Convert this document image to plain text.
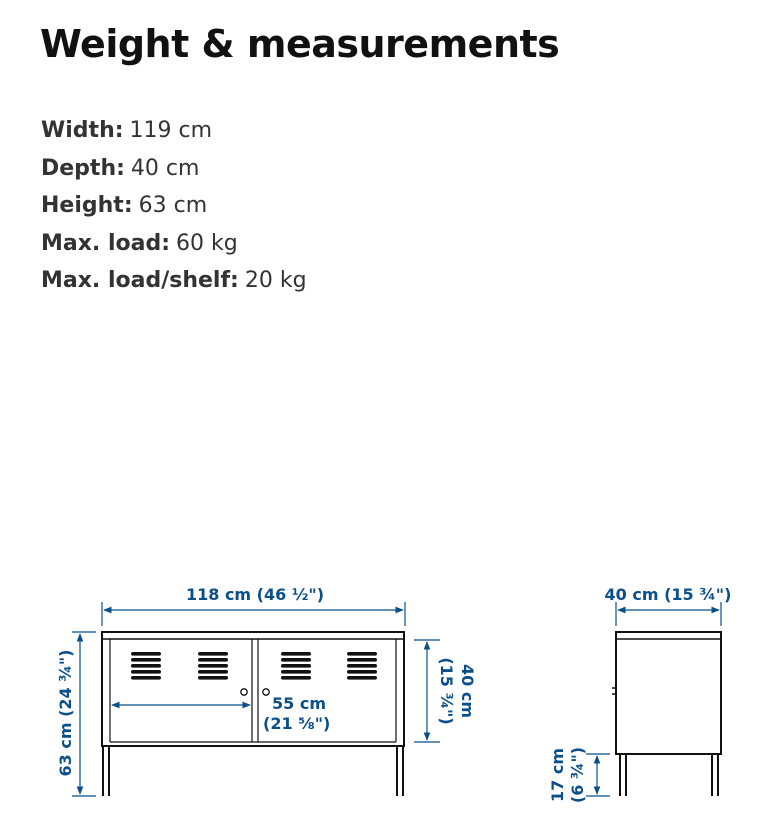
Weight & measurements
Width : 119 cm
Depth : 40 cm
Height : 63 cm
Max. load : 60 kg
Max. load/shelf : 20 kg
118 cm (46 ½")
63 cm (24 ¾")	55 cm
(21 ⅝")
40 cm
(15 ¾")
40 cm (15 ¾")
17 cm (6 ¾")
